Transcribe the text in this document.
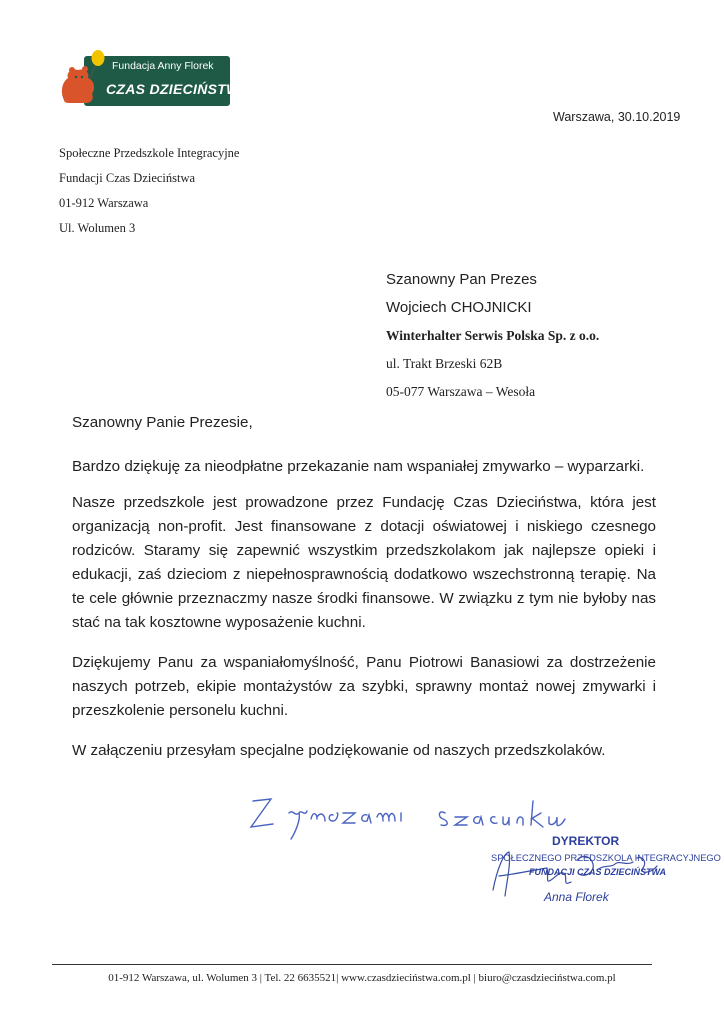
Fundacja Anny Florek
CZAS DZIECIŃSTWA
Warszawa, 30.10.2019
Społeczne Przedszkole Integracyjne
Fundacji Czas Dzieciństwa
01-912 Warszawa
Ul. Wolumen 3
Szanowny Pan Prezes
Wojciech CHOJNICKI
Winterhalter Serwis Polska Sp. z o.o.
ul. Trakt Brzeski 62B
05-077 Warszawa – Wesoła
Szanowny Panie Prezesie,
Bardzo dziękuję za nieodpłatne przekazanie nam wspaniałej zmywarko – wyparzarki.
Nasze przedszkole jest prowadzone przez Fundację Czas Dzieciństwa, która jest organizacją non-profit. Jest finansowane z dotacji oświatowej i niskiego czesnego rodziców. Staramy się zapewnić wszystkim przedszkolakom jak najlepsze opieki i edukacji, zaś dzieciom z niepełnosprawnością dodatkowo wszechstronną terapię. Na te cele głównie przeznaczmy nasze środki finansowe. W związku z tym nie byłoby nas stać na tak kosztowne wyposażenie kuchni.
Dziękujemy Panu za wspaniałomyślność, Panu Piotrowi Banasiowi za dostrzeżenie naszych potrzeb, ekipie montażystów za szybki, sprawny montaż nowej zmywarki i przeszkolenie personelu kuchni.
W załączeniu przesyłam specjalne podziękowanie od naszych przedszkolaków.
DYREKTOR
SPOŁECZNEGO PRZEDSZKOLA INTEGRACYJNEGO
FUNDACJI CZAS DZIECIŃSTWA
Anna Florek
01-912 Warszawa, ul. Wolumen 3 | Tel. 22 6635521| www.czasdzieciństwa.com.pl | biuro@czasdzieciństwa.com.pl
